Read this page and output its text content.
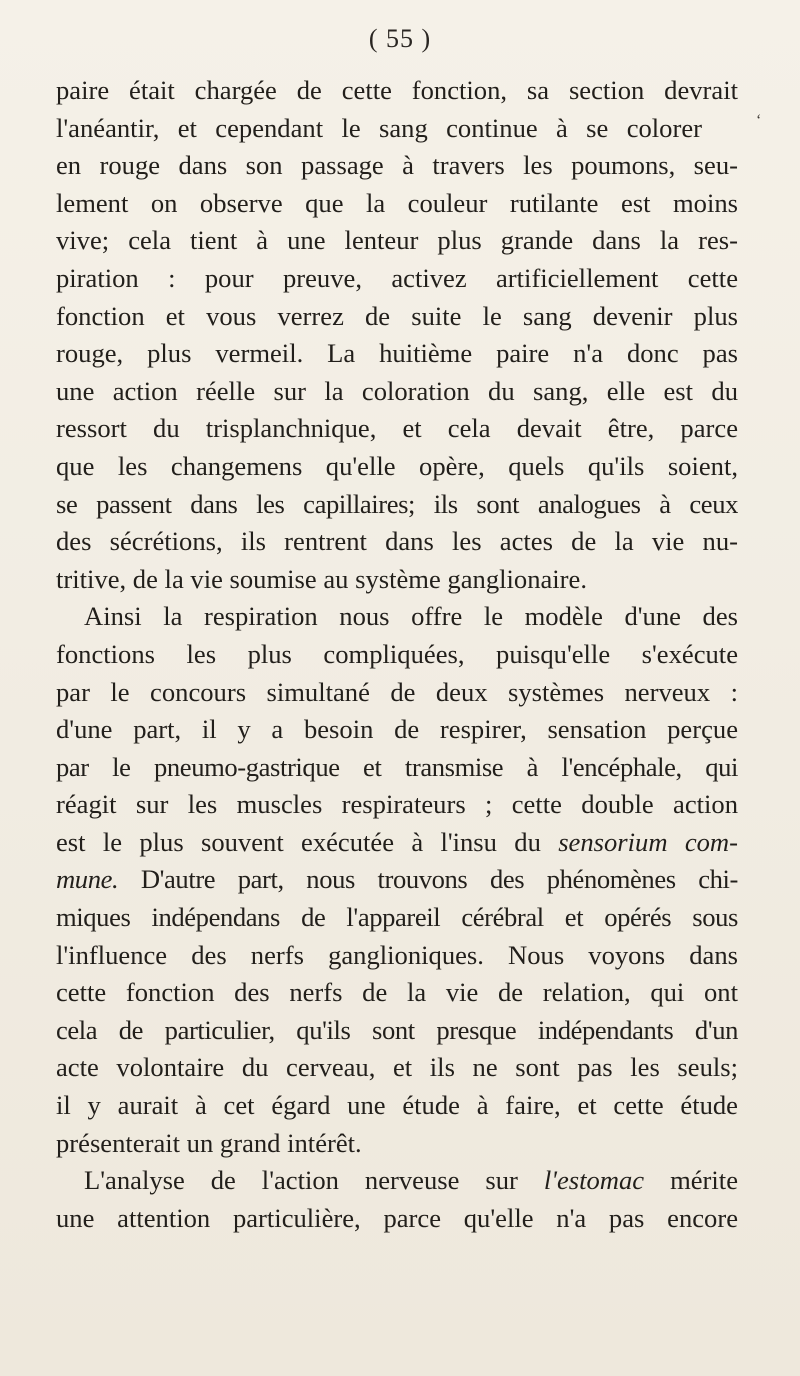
( 55 )
‘
paire était chargée de cette fonction, sa section devrait
l'anéantir, et cependant le sang continue à se colorer
en rouge dans son passage à travers les poumons, seu-
lement on observe que la couleur rutilante est moins
vive; cela tient à une lenteur plus grande dans la res-
piration : pour preuve, activez artificiellement cette
fonction et vous verrez de suite le sang devenir plus
rouge, plus vermeil. La huitième paire n'a donc pas
une action réelle sur la coloration du sang, elle est du
ressort du trisplanchnique, et cela devait être, parce
que les changemens qu'elle opère, quels qu'ils soient,
se passent dans les capillaires; ils sont analogues à ceux
des sécrétions, ils rentrent dans les actes de la vie nu-
tritive, de la vie soumise au système ganglionaire.
Ainsi la respiration nous offre le modèle d'une des
fonctions les plus compliquées, puisqu'elle s'exécute
par le concours simultané de deux systèmes nerveux :
d'une part, il y a besoin de respirer, sensation perçue
par le pneumo-gastrique et transmise à l'encéphale, qui
réagit sur les muscles respirateurs ; cette double action
est le plus souvent exécutée à l'insu du sensorium com-
mune. D'autre part, nous trouvons des phénomènes chi-
miques indépendans de l'appareil cérébral et opérés sous
l'influence des nerfs ganglioniques. Nous voyons dans
cette fonction des nerfs de la vie de relation, qui ont
cela de particulier, qu'ils sont presque indépendants d'un
acte volontaire du cerveau, et ils ne sont pas les seuls;
il y aurait à cet égard une étude à faire, et cette étude
présenterait un grand intérêt.
L'analyse de l'action nerveuse sur l'estomac mérite
une attention particulière, parce qu'elle n'a pas encore
